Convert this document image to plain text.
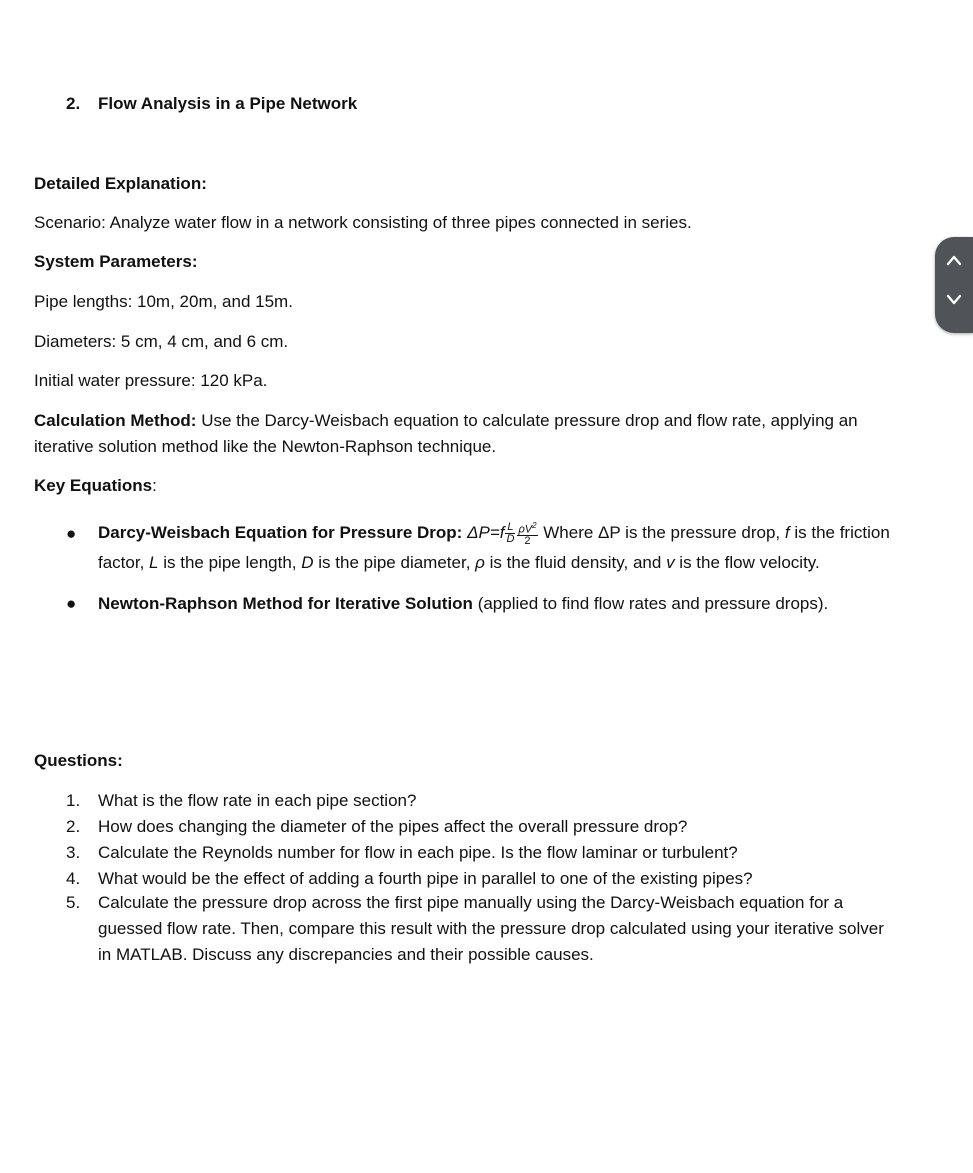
2. Flow Analysis in a Pipe Network
Detailed Explanation:
Scenario: Analyze water flow in a network consisting of three pipes connected in series.
System Parameters:
Pipe lengths: 10m, 20m, and 15m.
Diameters: 5 cm, 4 cm, and 6 cm.
Initial water pressure: 120 kPa.
Calculation Method: Use the Darcy-Weisbach equation to calculate pressure drop and flow rate, applying an iterative solution method like the Newton-Raphson technique.
Key Equations:
● Darcy-Weisbach Equation for Pressure Drop: $\Delta P=f \frac{L}{D} \frac{\rho V^2}{2}$ Where ΔP is the pressure drop, f is the friction factor, L is the pipe length, D is the pipe diameter, ρ is the fluid density, and v is the flow velocity.
● Newton-Raphson Method for Iterative Solution (applied to find flow rates and pressure drops).
Questions:
1. What is the flow rate in each pipe section?
2. How does changing the diameter of the pipes affect the overall pressure drop?
3. Calculate the Reynolds number for flow in each pipe. Is the flow laminar or turbulent?
4. What would be the effect of adding a fourth pipe in parallel to one of the existing pipes?
5. Calculate the pressure drop across the first pipe manually using the Darcy-Weisbach equation for a guessed flow rate. Then, compare this result with the pressure drop calculated using your iterative solver in MATLAB. Discuss any discrepancies and their possible causes.
